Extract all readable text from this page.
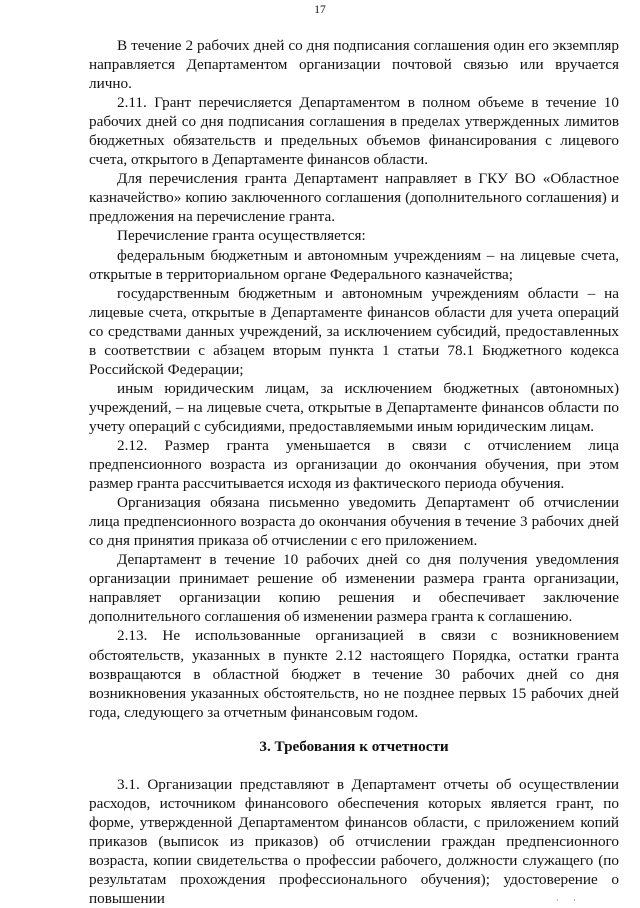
17

В течение 2 рабочих дней со дня подписания соглашения один его экземпляр направляется Департаментом организации почтовой связью или вручается лично.

2.11. Грант перечисляется Департаментом в полном объеме в течение 10 рабочих дней со дня подписания соглашения в пределах утвержденных лимитов бюджетных обязательств и предельных объемов финансирования с лицевого счета, открытого в Департаменте финансов области.

Для перечисления гранта Департамент направляет в ГКУ ВО «Областное казначейство» копию заключенного соглашения (дополнительного соглашения) и предложения на перечисление гранта.

Перечисление гранта осуществляется:

федеральным бюджетным и автономным учреждениям – на лицевые счета, открытые в территориальном органе Федерального казначейства;

государственным бюджетным и автономным учреждениям области – на лицевые счета, открытые в Департаменте финансов области для учета операций со средствами данных учреждений, за исключением субсидий, предоставленных в соответствии с абзацем вторым пункта 1 статьи 78.1 Бюджетного кодекса Российской Федерации;

иным юридическим лицам, за исключением бюджетных (автономных) учреждений, – на лицевые счета, открытые в Департаменте финансов области по учету операций с субсидиями, предоставляемыми иным юридическим лицам.

2.12. Размер гранта уменьшается в связи с отчислением лица предпенсионного возраста из организации до окончания обучения, при этом размер гранта рассчитывается исходя из фактического периода обучения.

Организация обязана письменно уведомить Департамент об отчислении лица предпенсионного возраста до окончания обучения в течение 3 рабочих дней со дня принятия приказа об отчислении с его приложением.

Департамент в течение 10 рабочих дней со дня получения уведомления организации принимает решение об изменении размера гранта организации, направляет организации копию решения и обеспечивает заключение дополнительного соглашения об изменении размера гранта к соглашению.

2.13. Не использованные организацией в связи с возникновением обстоятельств, указанных в пункте 2.12 настоящего Порядка, остатки гранта возвращаются в областной бюджет в течение 30 рабочих дней со дня возникновения указанных обстоятельств, но не позднее первых 15 рабочих дней года, следующего за отчетным финансовым годом.

3. Требования к отчетности

3.1. Организации представляют в Департамент отчеты об осуществлении расходов, источником финансового обеспечения которых является грант, по форме, утвержденной Департаментом финансов области, с приложением копий приказов (выписок из приказов) об отчислении граждан предпенсионного возраста, копии свидетельства о профессии рабочего, должности служащего (по результатам прохождения профессионального обучения); удостоверение о повышении	· ·
